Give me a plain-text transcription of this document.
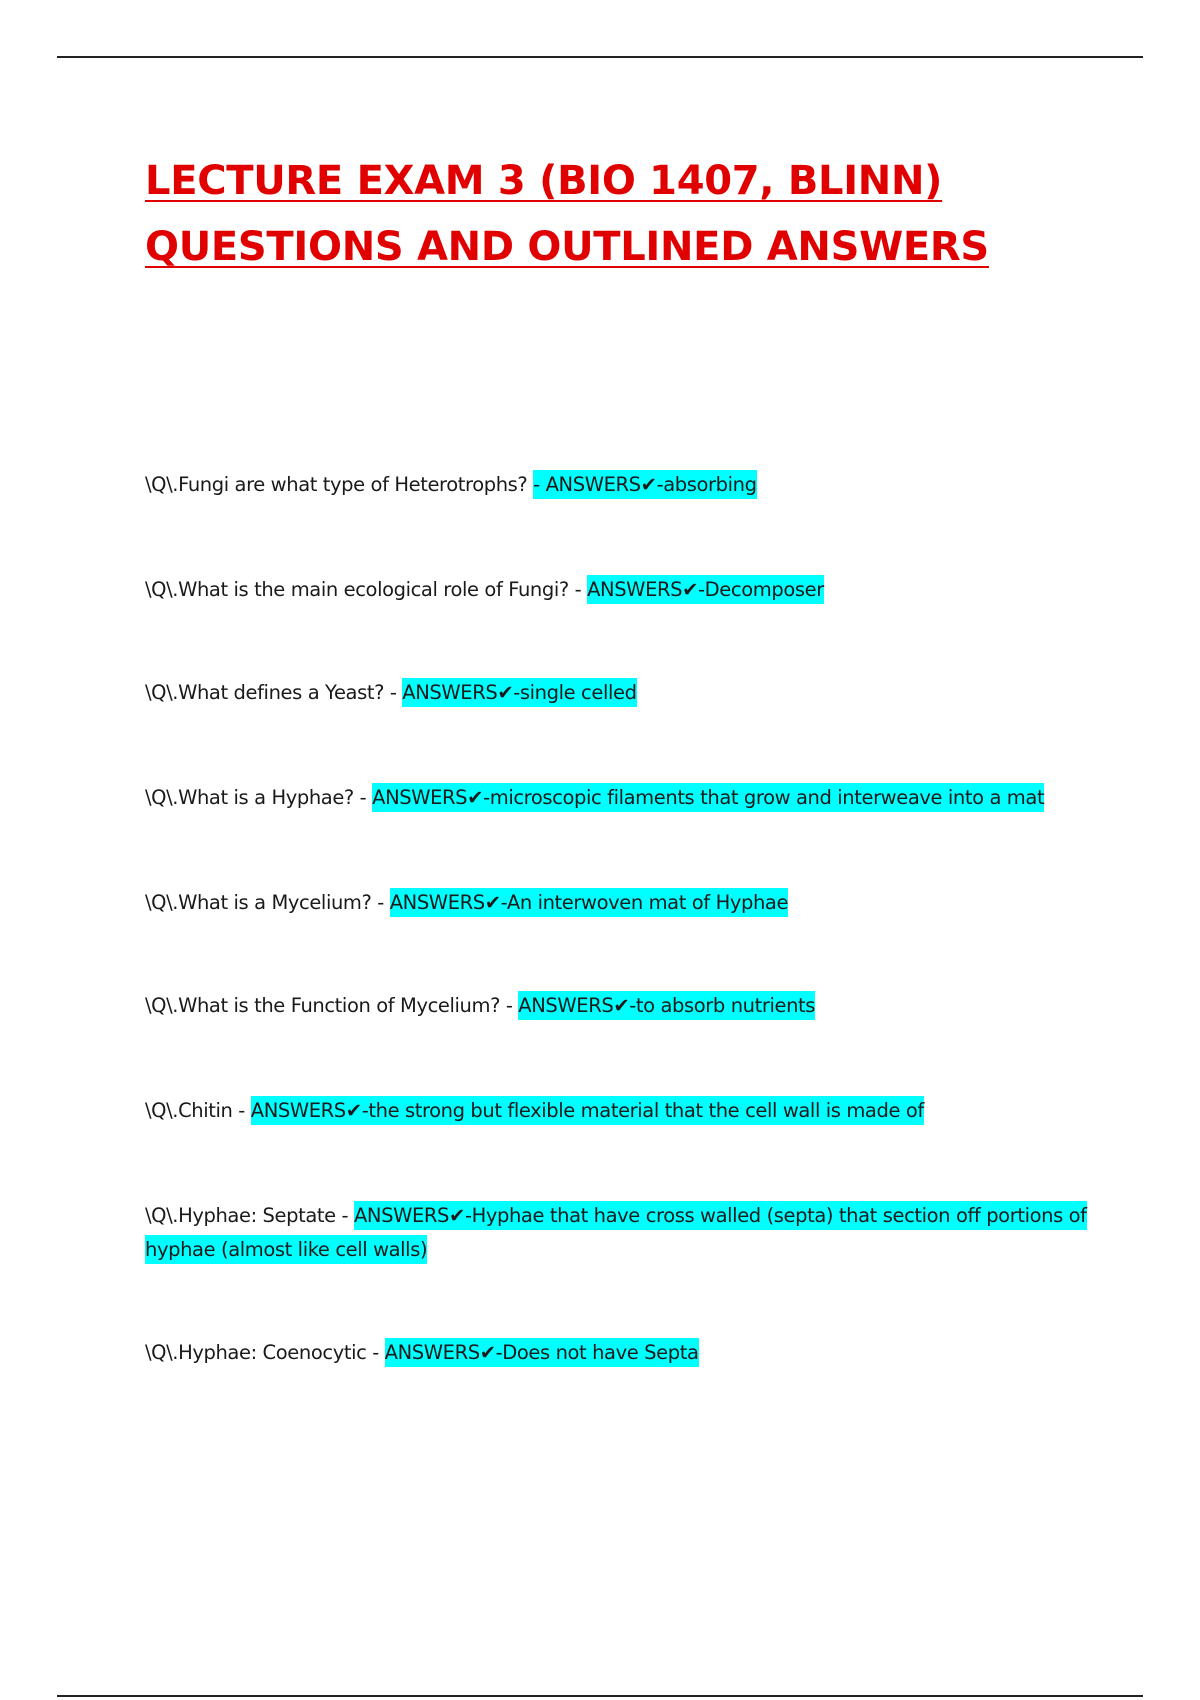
LECTURE EXAM 3 (BIO 1407, BLINN)
QUESTIONS AND OUTLINED ANSWERS

\Q\.Fungi are what type of Heterotrophs? - ANSWERS✔-absorbing

\Q\.What is the main ecological role of Fungi? - ANSWERS✔-Decomposer

\Q\.What defines a Yeast? - ANSWERS✔-single celled

\Q\.What is a Hyphae? - ANSWERS✔-microscopic filaments that grow and interweave into a mat

\Q\.What is a Mycelium? - ANSWERS✔-An interwoven mat of Hyphae

\Q\.What is the Function of Mycelium? - ANSWERS✔-to absorb nutrients

\Q\.Chitin - ANSWERS✔-the strong but flexible material that the cell wall is made of

\Q\.Hyphae: Septate - ANSWERS✔-Hyphae that have cross walled (septa) that section off portions of hyphae (almost like cell walls)

\Q\.Hyphae: Coenocytic - ANSWERS✔-Does not have Septa
